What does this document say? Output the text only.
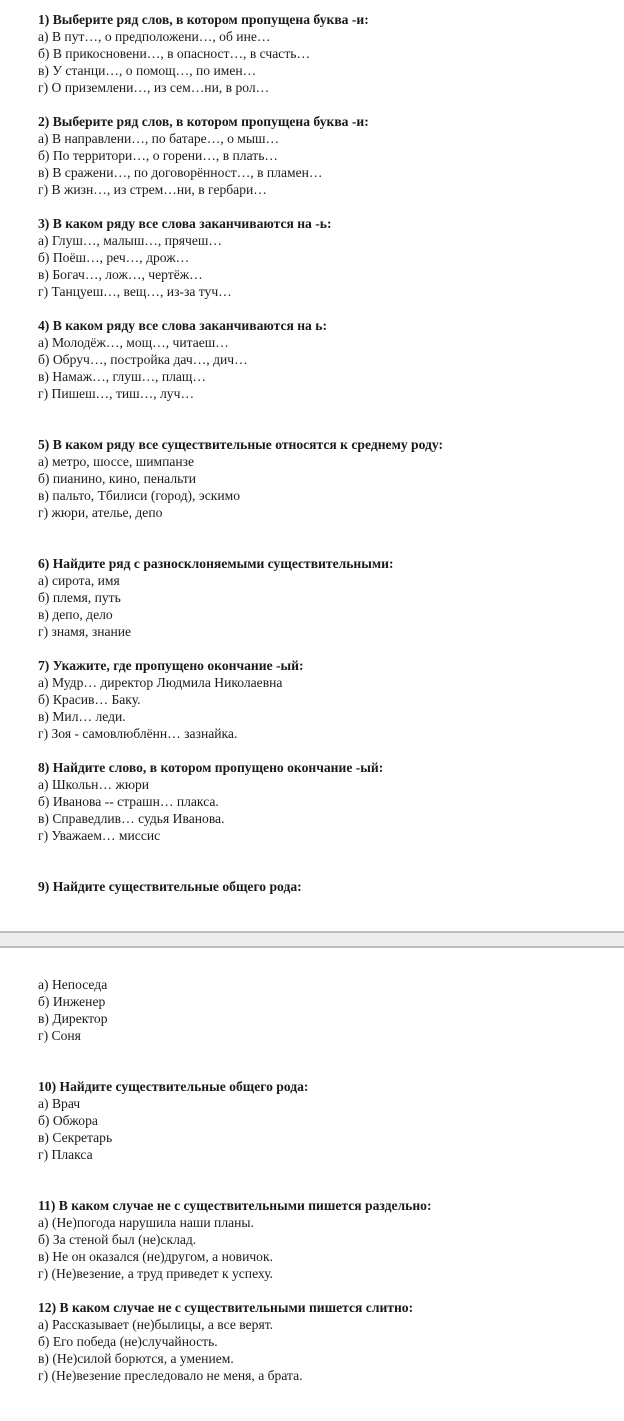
1) Выберите ряд слов, в котором пропущена буква -и:
а) В пут…, о предположени…, об ине…
б) В прикосновени…, в опасност…, в счасть…
в) У станци…, о помощ…, по имен…
г) О приземлени…, из сем…ни, в рол…
2) Выберите ряд слов, в котором пропущена буква -и:
а) В направлени…, по батаре…, о мыш…
б) По территори…, о горени…, в плать…
в) В сражени…, по договорённост…, в пламен…
г) В жизн…, из стрем…ни, в гербари…
3) В каком ряду все слова заканчиваются на -ь:
а) Глуш…, малыш…, прячеш…
б) Поёш…, реч…, дрож…
в) Богач…, лож…, чертёж…
г) Танцуеш…, вещ…, из-за туч…
4) В каком ряду все слова заканчиваются на ь:
а) Молодёж…, мощ…, читаеш…
б) Обруч…, постройка дач…, дич…
в) Намаж…, глуш…, плащ…
г) Пишеш…, тиш…, луч…
5) В каком ряду все существительные относятся к среднему роду:
а) метро, шоссе, шимпанзе
б) пианино, кино, пенальти
в) пальто, Тбилиси (город), эскимо
г) жюри, ателье, депо
6) Найдите ряд с разносклоняемыми существительными:
а) сирота, имя
б) племя, путь
в) депо, дело
г) знамя, знание
7) Укажите, где пропущено окончание -ый:
а) Мудр… директор Людмила Николаевна
б) Красив… Баку.
в) Мил… леди.
г) Зоя - самовлюблённ… зазнайка.
8) Найдите слово, в котором пропущено окончание -ый:
а) Школьн… жюри
б) Иванова -- страшн… плакса.
в) Справедлив… судья Иванова.
г) Уважаем… миссис
9) Найдите существительные общего рода:
а) Непоседа
б) Инженер
в) Директор
г) Соня
10) Найдите существительные общего рода:
а) Врач
б) Обжора
в) Секретарь
г) Плакса
11) В каком случае не с существительными пишется раздельно:
а) (Не)погода нарушила наши планы.
б) За стеной был (не)склад.
в) Не он оказался (не)другом, а новичок.
г) (Не)везение, а труд приведет к успеху.
12) В каком случае не с существительными пишется слитно:
а) Рассказывает (не)былицы, а все верят.
б) Его победа (не)случайность.
в) (Не)силой борются, а умением.
г) (Не)везение преследовало не меня, а брата.
